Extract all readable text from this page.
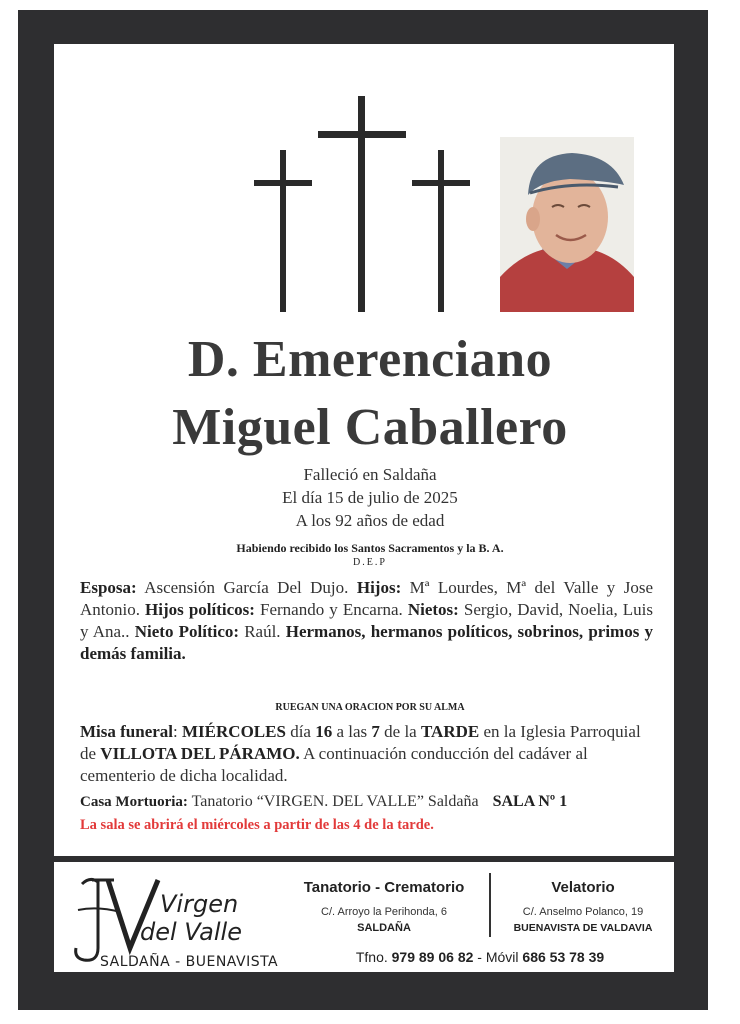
D. Emerenciano
Miguel Caballero
Falleció en Saldaña
El día 15 de julio de 2025
A los 92 años de edad
Habiendo recibido los Santos Sacramentos y la B. A.
D.E.P
Esposa: Ascensión García Del Dujo. Hijos: Mª Lourdes, Mª del Valle y Jose Antonio. Hijos políticos: Fernando y Encarna. Nietos: Sergio, David, Noelia, Luis y Ana.. Nieto Político: Raúl. Hermanos, hermanos políticos, sobrinos, primos y demás familia.
RUEGAN UNA ORACION POR SU ALMA
Misa funeral: MIÉRCOLES día 16 a las 7 de la TARDE en la Iglesia Parroquial de VILLOTA DEL PÁRAMO. A continuación conducción del cadáver al cementerio de dicha localidad.
Casa Mortuoria: Tanatorio “VIRGEN. DEL VALLE” Saldaña SALA Nº 1
La sala se abrirá el miércoles a partir de las 4 de la tarde.
Virgen
del Valle
SALDAÑA - BUENAVISTA
Tanatorio - Crematorio
C/. Arroyo la Perihonda, 6
SALDAÑA
Velatorio
C/. Anselmo Polanco, 19
BUENAVISTA DE VALDAVIA
Tfno. 979 89 06 82 - Móvil 686 53 78 39
